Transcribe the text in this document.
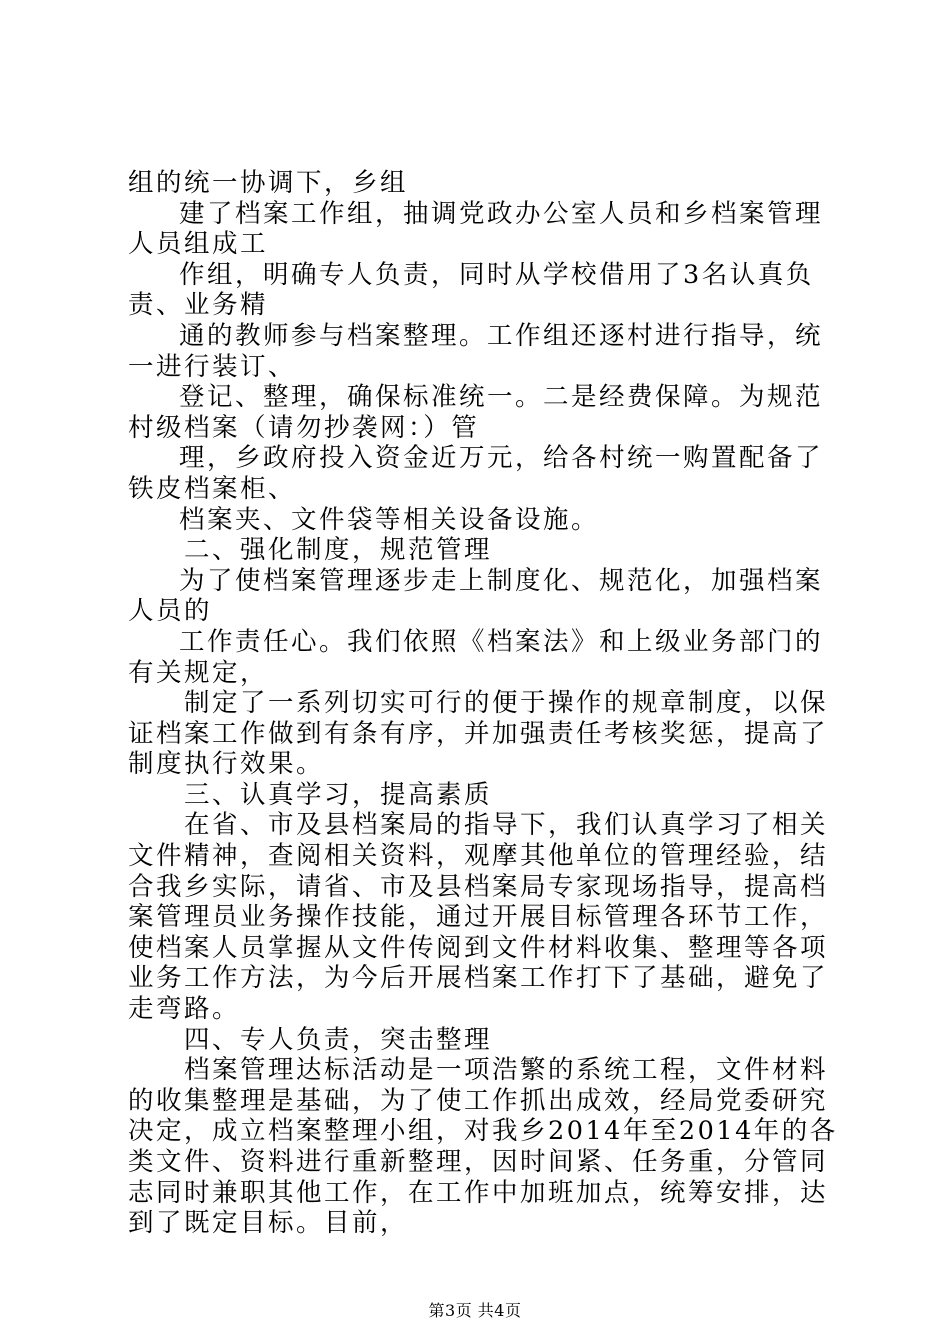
组的统一协调下，乡组

建了档案工作组，抽调党政办公室人员和乡档案管理人员组成工

作组，明确专人负责，同时从学校借用了3名认真负责、业务精

通的教师参与档案整理。工作组还逐村进行指导，统一进行装订、

登记、整理，确保标准统一。二是经费保障。为规范村级档案（请勿抄袭网：）管

理，乡政府投入资金近万元，给各村统一购置配备了铁皮档案柜、

档案夹、文件袋等相关设备设施。

二、强化制度，规范管理

为了使档案管理逐步走上制度化、规范化，加强档案人员的

工作责任心。我们依照《档案法》和上级业务部门的有关规定，

制定了一系列切实可行的便于操作的规章制度，以保证档案工作做到有条有序，并加强责任考核奖惩，提高了制度执行效果。

三、认真学习，提高素质

在省、市及县档案局的指导下，我们认真学习了相关文件精神，查阅相关资料，观摩其他单位的管理经验，结合我乡实际，请省、市及县档案局专家现场指导，提高档案管理员业务操作技能，通过开展目标管理各环节工作，使档案人员掌握从文件传阅到文件材料收集、整理等各项业务工作方法，为今后开展档案工作打下了基础，避免了走弯路。

四、专人负责，突击整理

档案管理达标活动是一项浩繁的系统工程，文件材料的收集整理是基础，为了使工作抓出成效，经局党委研究决定，成立档案整理小组，对我乡2014年至2014年的各类文件、资料进行重新整理，因时间紧、任务重，分管同志同时兼职其他工作，在工作中加班加点，统筹安排，达到了既定目标。目前，

第3页 共4页
